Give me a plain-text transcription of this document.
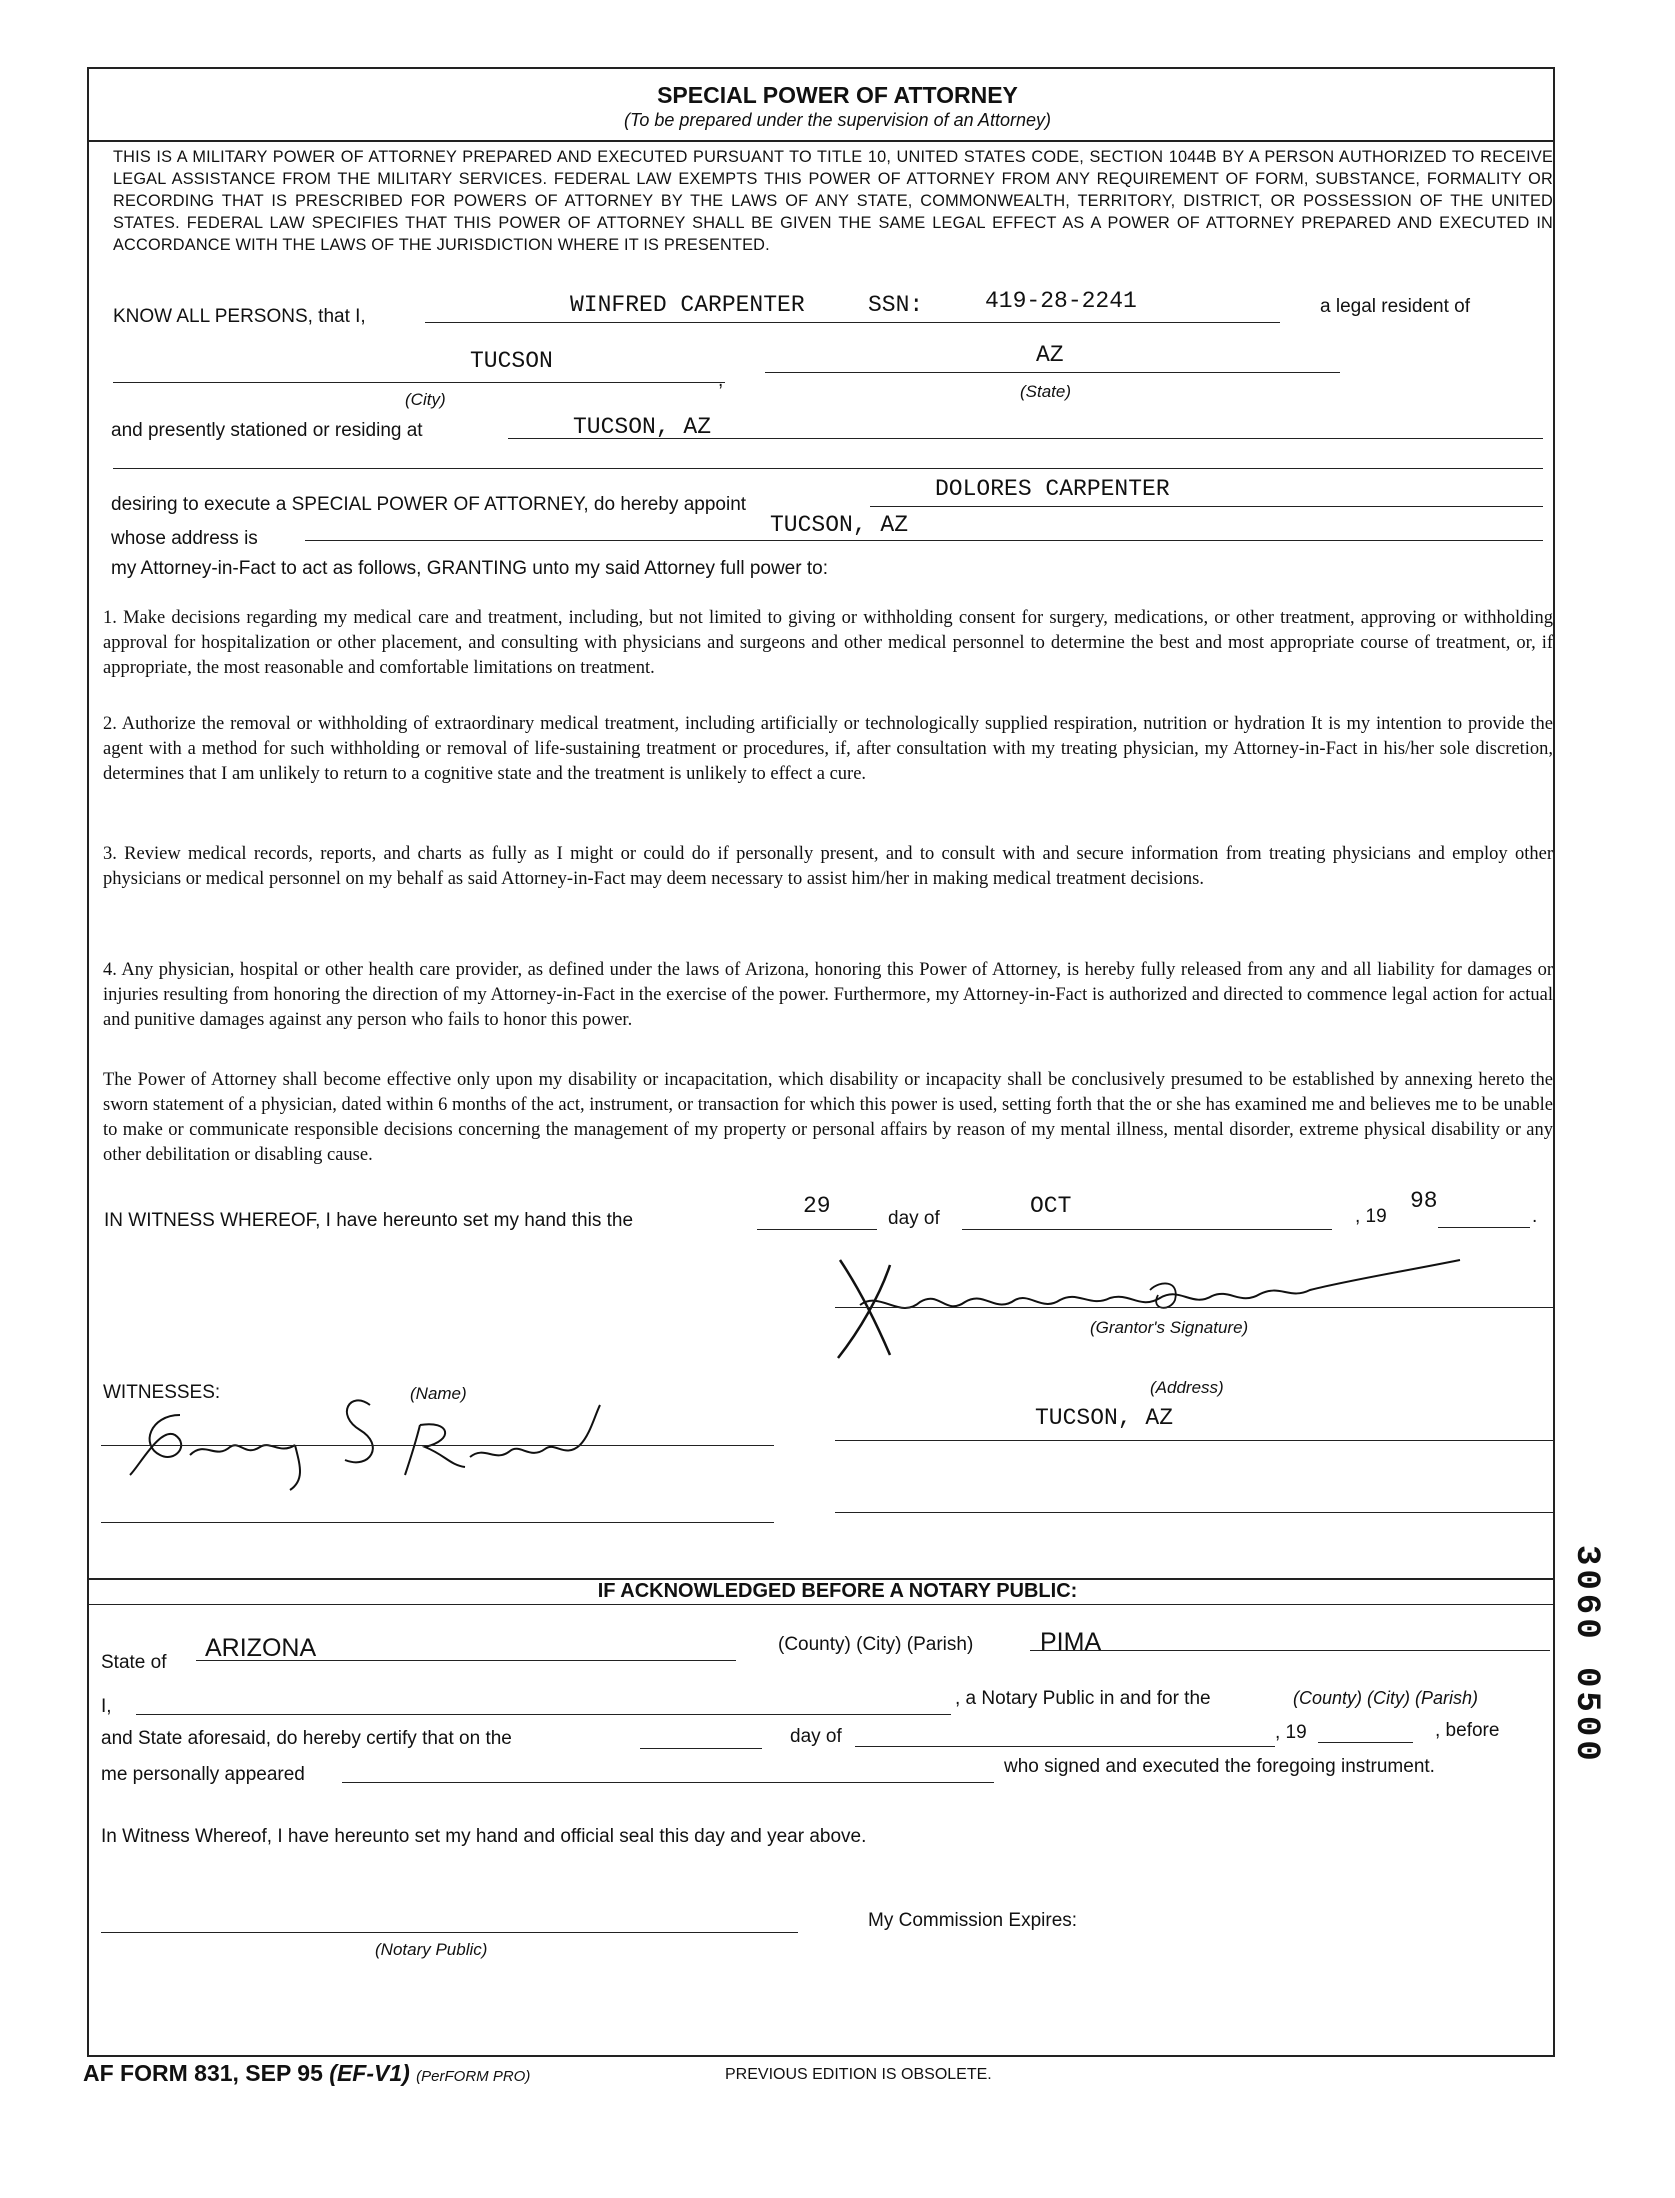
SPECIAL POWER OF ATTORNEY
(To be prepared under the supervision of an Attorney)
THIS IS A MILITARY POWER OF ATTORNEY PREPARED AND EXECUTED PURSUANT TO TITLE 10, UNITED STATES CODE, SECTION 1044B BY A PERSON AUTHORIZED TO RECEIVE LEGAL ASSISTANCE FROM THE MILITARY SERVICES. FEDERAL LAW EXEMPTS THIS POWER OF ATTORNEY FROM ANY REQUIREMENT OF FORM, SUBSTANCE, FORMALITY OR RECORDING THAT IS PRESCRIBED FOR POWERS OF ATTORNEY BY THE LAWS OF ANY STATE, COMMONWEALTH, TERRITORY, DISTRICT, OR POSSESSION OF THE UNITED STATES. FEDERAL LAW SPECIFIES THAT THIS POWER OF ATTORNEY SHALL BE GIVEN THE SAME LEGAL EFFECT AS A POWER OF ATTORNEY PREPARED AND EXECUTED IN ACCORDANCE WITH THE LAWS OF THE JURISDICTION WHERE IT IS PRESENTED.
KNOW ALL PERSONS, that I,	WINFRED CARPENTER	SSN:	419-28-2241	a legal resident of
TUCSON
,
AZ
(City)	(State)
and presently stationed or residing at	TUCSON, AZ
desiring to execute a SPECIAL POWER OF ATTORNEY, do hereby appoint
DOLORES CARPENTER
whose address is
TUCSON, AZ
my Attorney-in-Fact to act as follows, GRANTING unto my said Attorney full power to:
1. Make decisions regarding my medical care and treatment, including, but not limited to giving or withholding consent for surgery, medications, or other treatment, approving or withholding approval for hospitalization or other placement, and consulting with physicians and surgeons and other medical personnel to determine the best and most appropriate course of treatment, or, if appropriate, the most reasonable and comfortable limitations on treatment.
2. Authorize the removal or withholding of extraordinary medical treatment, including artificially or technologically supplied respiration, nutrition or hydration It is my intention to provide the agent with a method for such withholding or removal of life-sustaining treatment or procedures, if, after consultation with my treating physician, my Attorney-in-Fact in his/her sole discretion, determines that I am unlikely to return to a cognitive state and the treatment is unlikely to effect a cure.
3. Review medical records, reports, and charts as fully as I might or could do if personally present, and to consult with and secure information from treating physicians and employ other physicians or medical personnel on my behalf as said Attorney-in-Fact may deem necessary to assist him/her in making medical treatment decisions.
4. Any physician, hospital or other health care provider, as defined under the laws of Arizona, honoring this Power of Attorney, is hereby fully released from any and all liability for damages or injuries resulting from honoring the direction of my Attorney-in-Fact in the exercise of the power. Furthermore, my Attorney-in-Fact is authorized and directed to commence legal action for actual and punitive damages against any person who fails to honor this power.
The Power of Attorney shall become effective only upon my disability or incapacitation, which disability or incapacity shall be conclusively presumed to be established by annexing hereto the sworn statement of a physician, dated within 6 months of the act, instrument, or transaction for which this power is used, setting forth that the or she has examined me and believes me to be unable to make or communicate responsible decisions concerning the management of my property or personal affairs by reason of my mental illness, mental disorder, extreme physical disability or any other debilitation or disabling cause.
IN WITNESS WHEREOF, I have hereunto set my hand this the
29	day of	OCT	, 19
98
.
(Grantor's Signature)
WITNESSES:	(Name)	(Address)
TUCSON, AZ
IF ACKNOWLEDGED BEFORE A NOTARY PUBLIC:
State of
ARIZONA	(County) (City) (Parish)	PIMA
I,	, a Notary Public in and for the	(County) (City) (Parish)
and State aforesaid, do hereby certify that on the	day of	, 19	, before
me personally appeared	who signed and executed the foregoing instrument.
In Witness Whereof, I have hereunto set my hand and official seal this day and year above.
My Commission Expires:
(Notary Public)
AF FORM 831, SEP 95 (EF-V1) (PerFORM PRO)	PREVIOUS EDITION IS OBSOLETE.
3060 0500
